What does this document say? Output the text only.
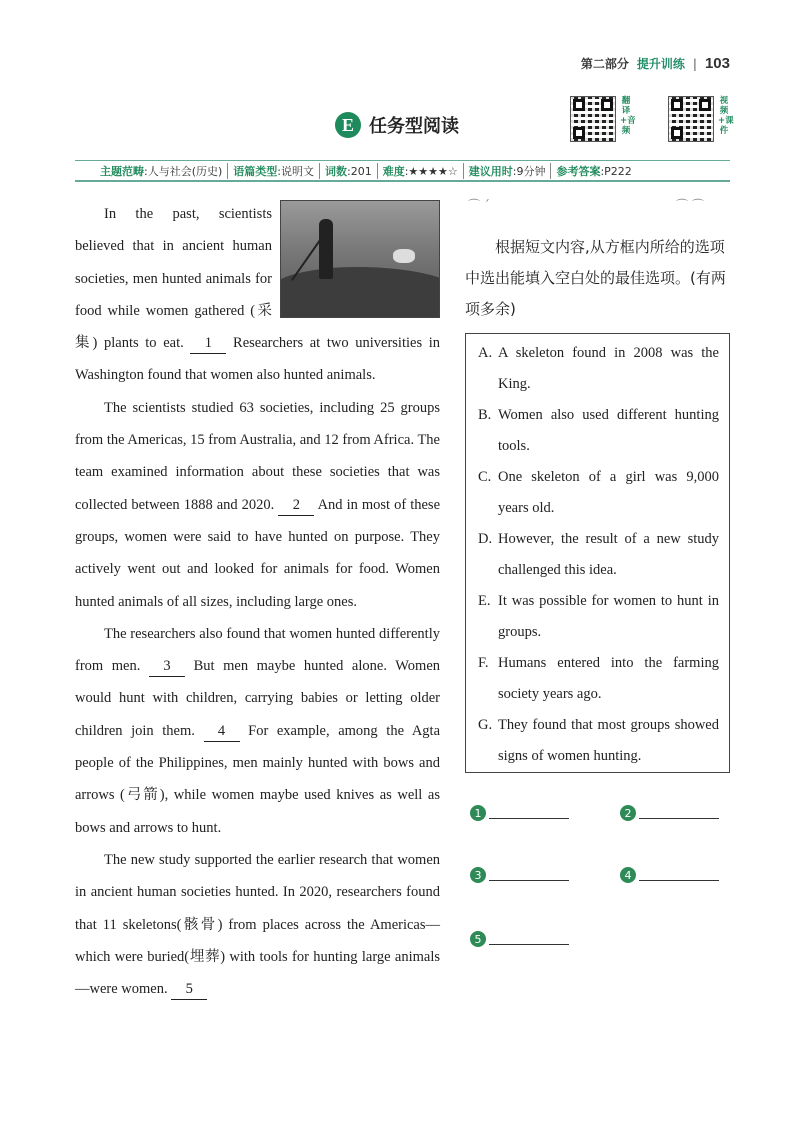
第二部分 提升训练 | 103
E 任务型阅读
翻译+音频
视频+课件
主题范畴:人与社会(历史)	语篇类型:说明文	词数:201	难度:★★★★☆	建议用时:9分钟	参考答案:P222

In the past, scientists believed that in ancient human societies, men hunted animals for food while women gathered (采集) plants to eat. 1 Researchers at two universities in Washington found that women also hunted animals.

The scientists studied 63 societies, including 25 groups from the Americas, 15 from Australia, and 12 from Africa. The team examined information about these societies that was collected between 1888 and 2020. 2 And in most of these groups, women were said to have hunted on purpose. They actively went out and looked for animals for food. Women hunted animals of all sizes, including large ones.

The researchers also found that women hunted differently from men. 3 But men maybe hunted alone. Women would hunt with children, carrying babies or letting older children join them. 4 For example, among the Agta people of the Philippines, men mainly hunted with bows and arrows (弓箭), while women maybe used knives as well as bows and arrows to hunt.

The new study supported the earlier research that women in ancient human societies hunted. In 2020, researchers found that 11 skeletons(骸骨) from places across the Americas—which were buried(埋葬) with tools for hunting large animals—were women. 5

⌒ ´	⌒ ⌒
根据短文内容,从方框内所给的选项中选出能填入空白处的最佳选项。(有两项多余)
A. A skeleton found in 2008 was the King.
B. Women also used different hunting tools.
C. One skeleton of a girl was 9,000 years old.
D. However, the result of a new study challenged this idea.
E. It was possible for women to hunt in groups.
F. Humans entered into the farming society years ago.
G. They found that most groups showed signs of women hunting.
1	2
3	4
5
